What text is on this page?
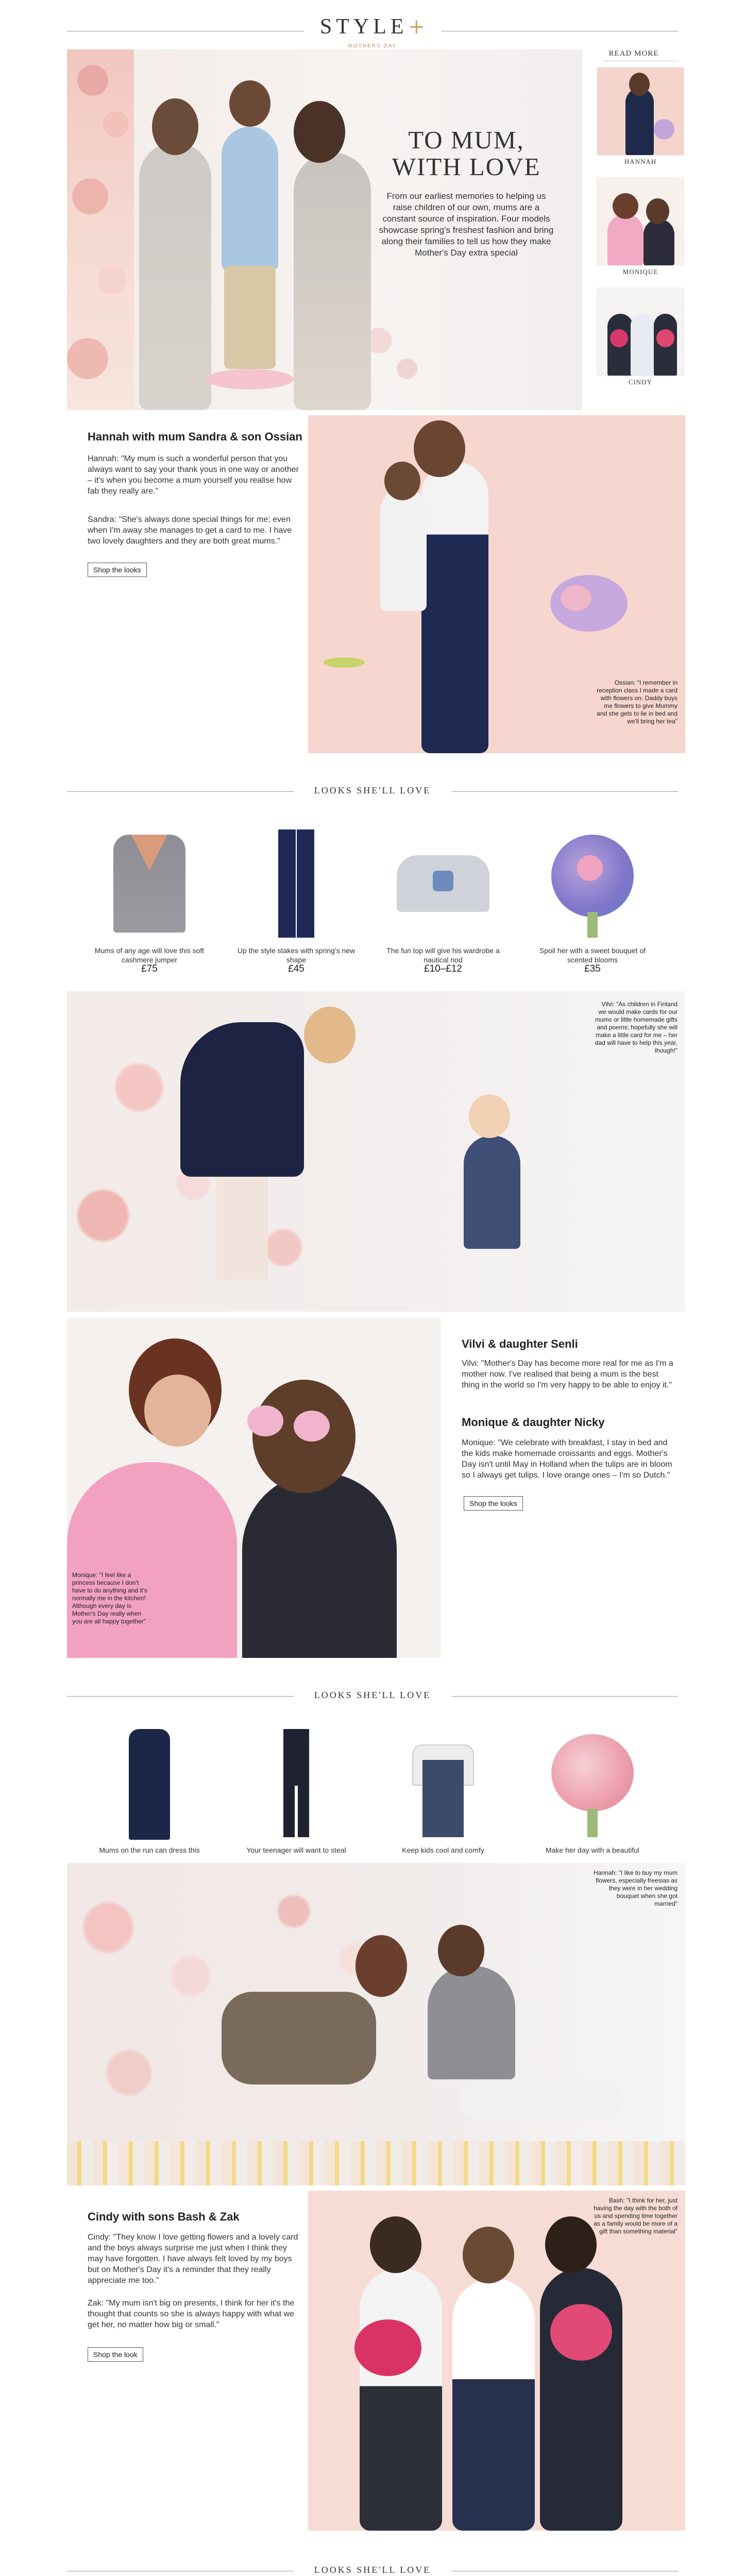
STYLE+
MOTHERS DAY
TO MUM,
WITH LOVE
From our earliest memories to helping us raise children of our own, mums are a constant source of inspiration. Four models showcase spring's freshest fashion and bring along their families to tell us how they make Mother's Day extra special
READ MORE
HANNAH
MONIQUE
CINDY
Hannah with mum Sandra & son Ossian
Hannah: "My mum is such a wonderful person that you always want to say your thank yous in one way or another – it's when you become a mum yourself you realise how fab they really are."
Sandra: "She's always done special things for me; even when I'm away she manages to get a card to me. I have two lovely daughters and they are both great mums."
Shop the looks
Ossian: "I remember in reception class I made a card with flowers on. Daddy buys me flowers to give Mummy and she gets to lie in bed and we'll bring her tea"
LOOKS SHE'LL LOVE
Mums of any age will love this soft cashmere jumper
£75
Up the style stakes with spring's new shape
£45
The fun top will give his wardrobe a nautical nod
£10–£12
Spoil her with a sweet bouquet of scented blooms
£35
Vilvi: "As children in Finland we would make cards for our mums or little homemade gifts and poems; hopefully she will make a little card for me – her dad will have to help this year, though!"
Monique: "I feel like a princess because I don't have to do anything and it's normally me in the kitchen! Although every day is Mother's Day really when you are all happy together"
Vilvi & daughter Senli
Vilvi: "Mother's Day has become more real for me as I'm a mother now. I've realised that being a mum is the best thing in the world so I'm very happy to be able to enjoy it."
Monique & daughter Nicky
Monique: "We celebrate with breakfast, I stay in bed and the kids make homemade croissants and eggs. Mother's Day isn't until May in Holland when the tulips are in bloom so I always get tulips. I love orange ones – I'm so Dutch."
Shop the looks
LOOKS SHE'LL LOVE
Mums on the run can dress this	Your teenager will want to steal	Keep kids cool and comfy	Make her day with a beautiful
Hannah: "I like to buy my mum flowers, especially freesias as they were in her wedding bouquet when she got married"
Cindy with sons Bash & Zak
Cindy: "They know I love getting flowers and a lovely card and the boys always surprise me just when I think they may have forgotten. I have always felt loved by my boys but on Mother's Day it's a reminder that they really appreciate me too."
Zak: "My mum isn't big on presents, I think for her it's the thought that counts so she is always happy with what we get her, no matter how big or small."
Shop the look
Bash: "I think for her, just having the day with the both of us and spending time together as a family would be more of a gift than something material"
LOOKS SHE'LL LOVE
